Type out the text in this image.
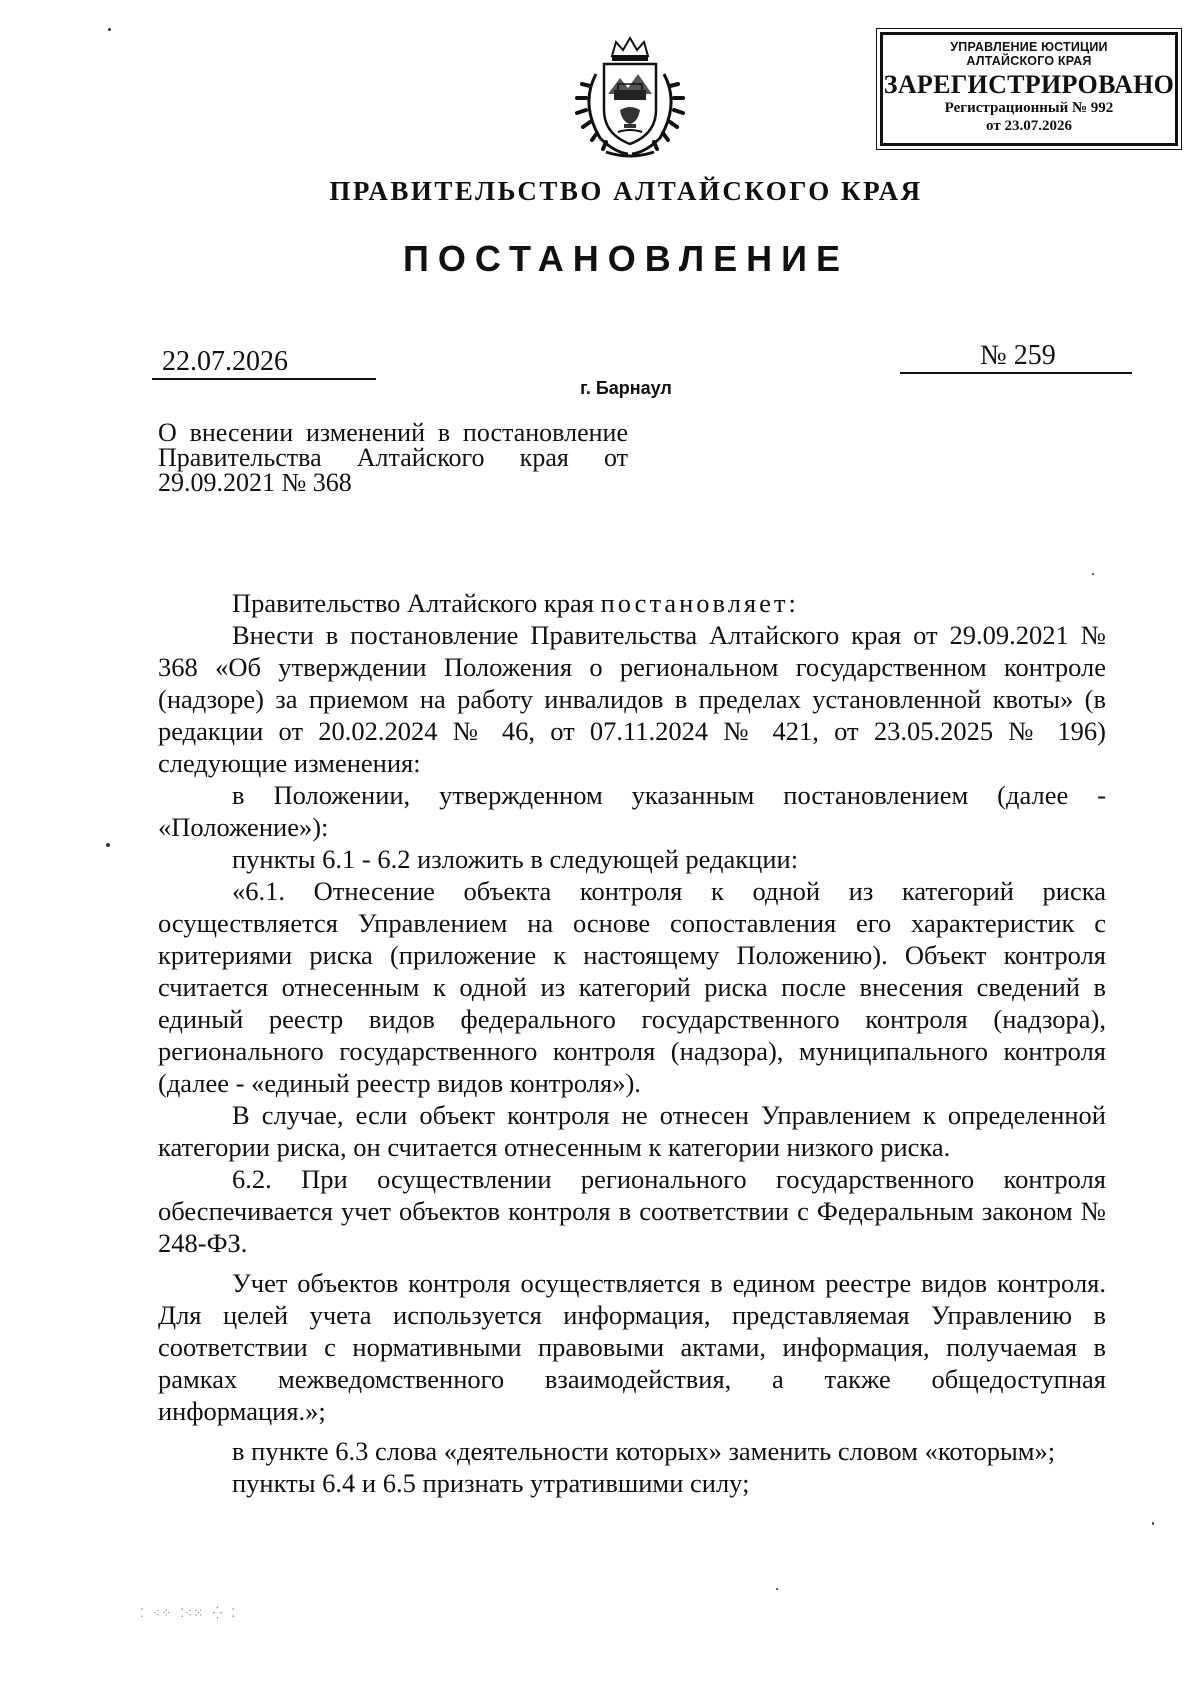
УПРАВЛЕНИЕ ЮСТИЦИИ
АЛТАЙСКОГО КРАЯ
ЗАРЕГИСТРИРОВАНО
Регистрационный № 992
от 23.07.2026
ПРАВИТЕЛЬСТВО АЛТАЙСКОГО КРАЯ
ПОСТАНОВЛЕНИЕ
22.07.2026	№ 259
г. Барнаул
О внесении изменений в постановление Правительства Алтайского края от 29.09.2021 № 368

Правительство Алтайского края постановляет:

Внести в постановление Правительства Алтайского края от 29.09.2021 № 368 «Об утверждении Положения о региональном государственном контроле (надзоре) за приемом на работу инвалидов в пределах установленной квоты» (в редакции от 20.02.2024 № 46, от 07.11.2024 № 421, от 23.05.2025 № 196) следующие изменения:

в Положении, утвержденном указанным постановлением (далее - «Положение»):

пункты 6.1 - 6.2 изложить в следующей редакции:

«6.1. Отнесение объекта контроля к одной из категорий риска осуществляется Управлением на основе сопоставления его характеристик с критериями риска (приложение к настоящему Положению). Объект контроля считается отнесенным к одной из категорий риска после внесения сведений в единый реестр видов федерального государственного контроля (надзора), регионального государственного контроля (надзора), муниципального контроля (далее - «единый реестр видов контроля»).

В случае, если объект контроля не отнесен Управлением к определенной категории риска, он считается отнесенным к категории низкого риска.

6.2. При осуществлении регионального государственного контроля обеспечивается учет объектов контроля в соответствии с Федеральным законом № 248-ФЗ.

Учет объектов контроля осуществляется в едином реестре видов контроля. Для целей учета используется информация, представляемая Управлению в соответствии с нормативными правовыми актами, информация, получаемая в рамках межведомственного взаимодействия, а также общедоступная информация.»;

в пункте 6.3 слова «деятельности которых» заменить словом «которым»;

пункты 6.4 и 6.5 признать утратившими силу;

⁚ ⁖⁘ ⁚⁖⁙ ⁛ ⁚
